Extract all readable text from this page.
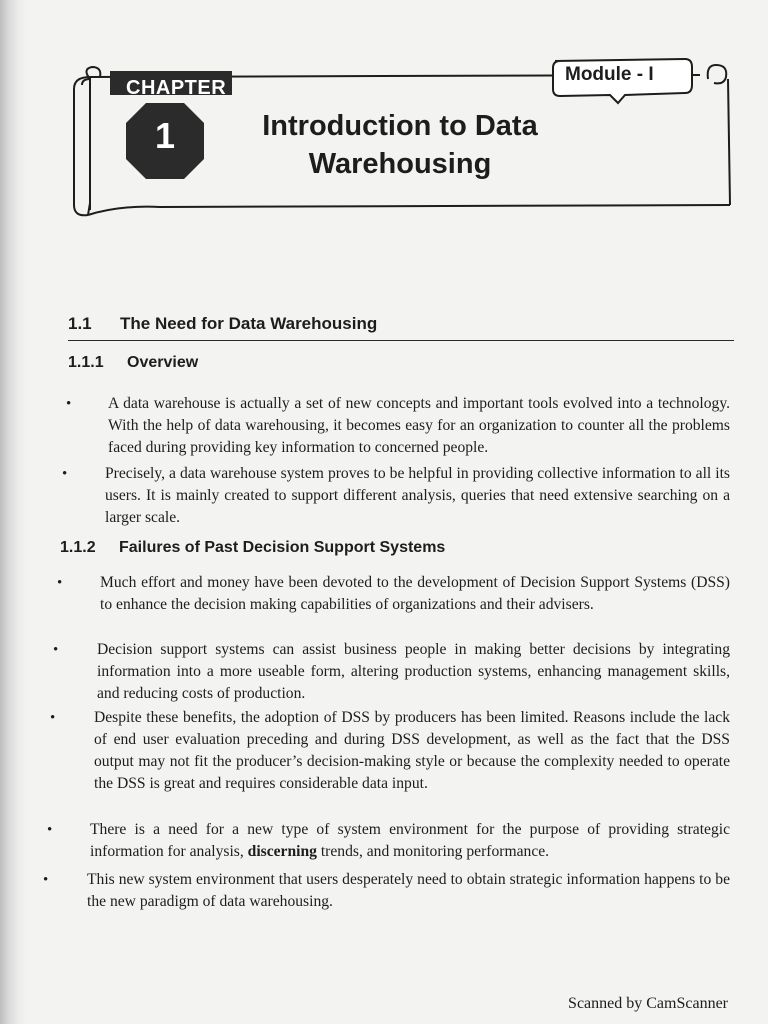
CHAPTER
1
Module - I
Introduction to Data Warehousing
1.1 The Need for Data Warehousing
1.1.1 Overview
• A data warehouse is actually a set of new concepts and important tools evolved into a technology. With the help of data warehousing, it becomes easy for an organization to counter all the problems faced during providing key information to concerned people.
• Precisely, a data warehouse system proves to be helpful in providing collective information to all its users. It is mainly created to support different analysis, queries that need extensive searching on a larger scale.
1.1.2 Failures of Past Decision Support Systems
• Much effort and money have been devoted to the development of Decision Support Systems (DSS) to enhance the decision making capabilities of organizations and their advisers.
• Decision support systems can assist business people in making better decisions by integrating information into a more useable form, altering production systems, enhancing management skills, and reducing costs of production.
• Despite these benefits, the adoption of DSS by producers has been limited. Reasons include the lack of end user evaluation preceding and during DSS development, as well as the fact that the DSS output may not fit the producer’s decision-making style or because the complexity needed to operate the DSS is great and requires considerable data input.
• There is a need for a new type of system environment for the purpose of providing strategic information for analysis, discerning trends, and monitoring performance.
• This new system environment that users desperately need to obtain strategic information happens to be the new paradigm of data warehousing.
Scanned by CamScanner
